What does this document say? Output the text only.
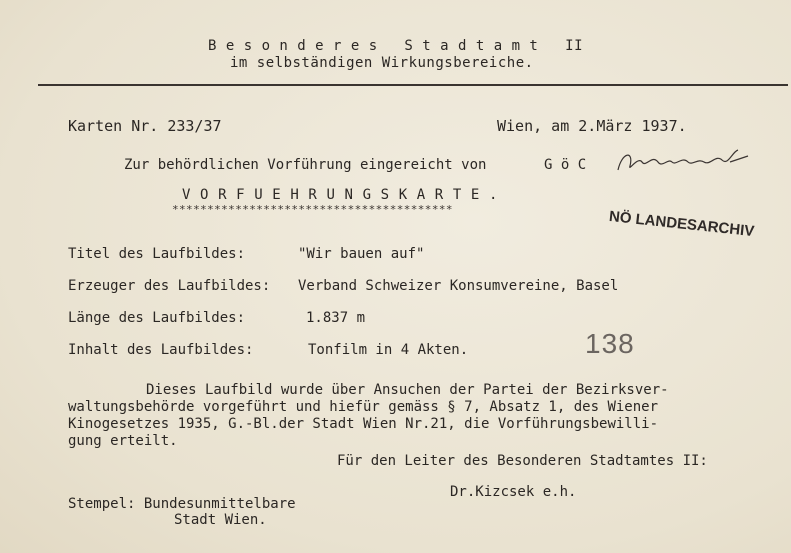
B e s o n d e r e s   S t a d t a m t   II
im selbständigen Wirkungsbereiche.
Karten Nr. 233/37	Wien, am 2.März 1937.
Zur behördlichen Vorführung eingereicht von	G ö C
V O R F U E H R U N G S K A R T E .
****************************************	NÖ LANDESARCHIV
Titel des Laufbildes:	"Wir bauen auf"
Erzeuger des Laufbildes:	Verband Schweizer Konsumvereine, Basel
Länge des Laufbildes:	1.837 m
Inhalt des Laufbildes:	Tonfilm in 4 Akten.	138
Dieses Laufbild wurde über Ansuchen der Partei der Bezirksver-
waltungsbehörde vorgeführt und hiefür gemäss § 7, Absatz 1, des Wiener
Kinogesetzes 1935, G.-Bl.der Stadt Wien Nr.21, die Vorführungsbewilli-
gung erteilt.
Für den Leiter des Besonderen Stadtamtes II:
Dr.Kizcsek e.h.
Stempel: Bundesunmittelbare
Stadt Wien.
